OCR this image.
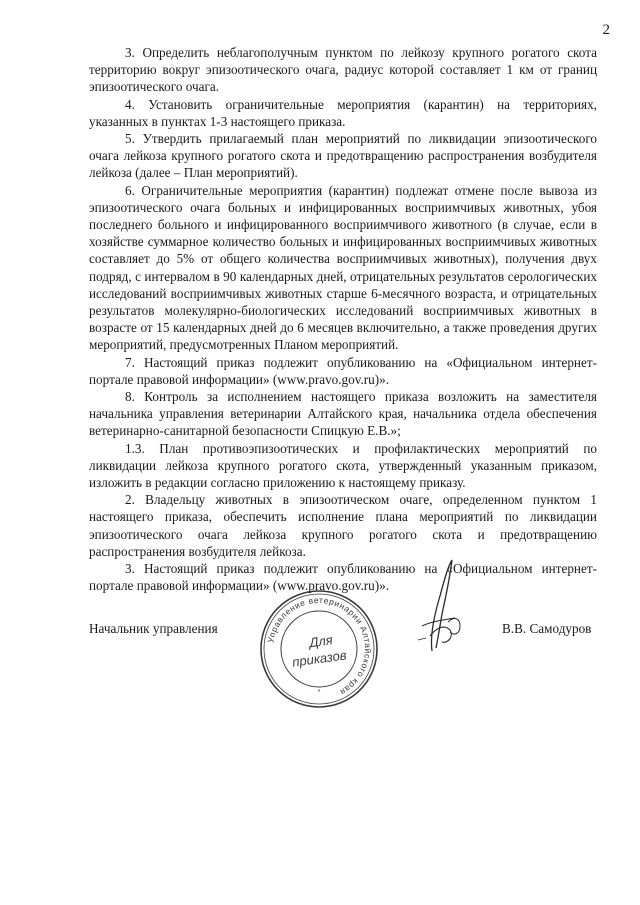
2

3. Определить неблагополучным пунктом по лейкозу крупного рогатого скота территорию вокруг эпизоотического очага, радиус которой составляет 1 км от границ эпизоотического очага.

4. Установить ограничительные мероприятия (карантин) на территориях, указанных в пунктах 1-3 настоящего приказа.

5. Утвердить прилагаемый план мероприятий по ликвидации эпизоотического очага лейкоза крупного рогатого скота и предотвращению распространения возбудителя лейкоза (далее – План мероприятий).

6. Ограничительные мероприятия (карантин) подлежат отмене после вывоза из эпизоотического очага больных и инфицированных восприимчивых животных, убоя последнего больного и инфицированного восприимчивого животного (в случае, если в хозяйстве суммарное количество больных и инфицированных восприимчивых животных составляет до 5% от общего количества восприимчивых животных), получения двух подряд, с интервалом в 90 календарных дней, отрицательных результатов серологических исследований восприимчивых животных старше 6-месячного возраста, и отрицательных результатов молекулярно-биологических исследований восприимчивых животных в возрасте от 15 календарных дней до 6 месяцев включительно, а также проведения других мероприятий, предусмотренных Планом мероприятий.

7. Настоящий приказ подлежит опубликованию на «Официальном интернет-портале правовой информации» (www.pravo.gov.ru)».

8. Контроль за исполнением настоящего приказа возложить на заместителя начальника управления ветеринарии Алтайского края, начальника отдела обеспечения ветеринарно-санитарной безопасности Спицкую Е.В.»;

1.3. План противоэпизоотических и профилактических мероприятий по ликвидации лейкоза крупного рогатого скота, утвержденный указанным приказом, изложить в редакции согласно приложению к настоящему приказу.

2. Владельцу животных в эпизоотическом очаге, определенном пунктом 1 настоящего приказа, обеспечить исполнение плана мероприятий по ликвидации эпизоотического очага лейкоза крупного рогатого скота и предотвращению распространения возбудителя лейкоза.

3. Настоящий приказ подлежит опубликованию на «Официальном интернет-портале правовой информации» (www.pravo.gov.ru)».

Начальник управления	В.В. Самодуров
Управление ветеринарии Алтайского края
Для
приказов
*
